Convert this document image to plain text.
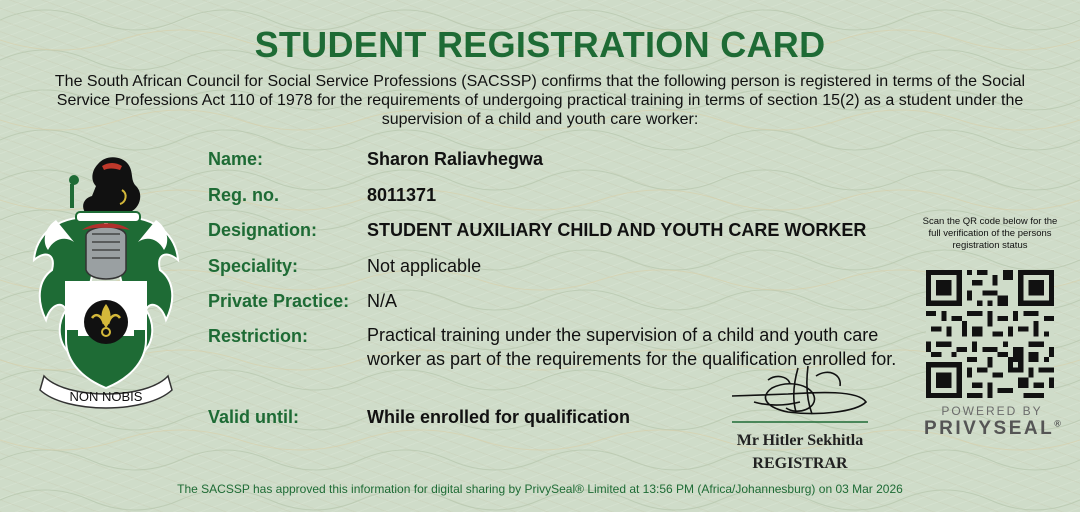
STUDENT REGISTRATION CARD
The South African Council for Social Service Professions (SACSSP) confirms that the following person is registered in terms of the Social Service Professions Act 110 of 1978 for the requirements of undergoing practical training in terms of section 15(2) as a student under the supervision of a child and youth care worker:
NON NOBIS
Name:	Sharon Raliavhegwa
Reg. no.	8011371
Designation:	STUDENT AUXILIARY CHILD AND YOUTH CARE WORKER
Speciality:	Not applicable
Private Practice: N/A
Restriction:	Practical training under the supervision of a child and youth care worker as part of the requirements for the qualification enrolled for.
Valid until:	While enrolled for qualification
Mr Hitler Sekhitla
REGISTRAR
Scan the QR code below for the full verification of the persons registration status
POWERED BY
PRIVYSEAL®
The SACSSP has approved this information for digital sharing by PrivySeal® Limited at 13:56 PM (Africa/Johannesburg) on 03 Mar 2026
